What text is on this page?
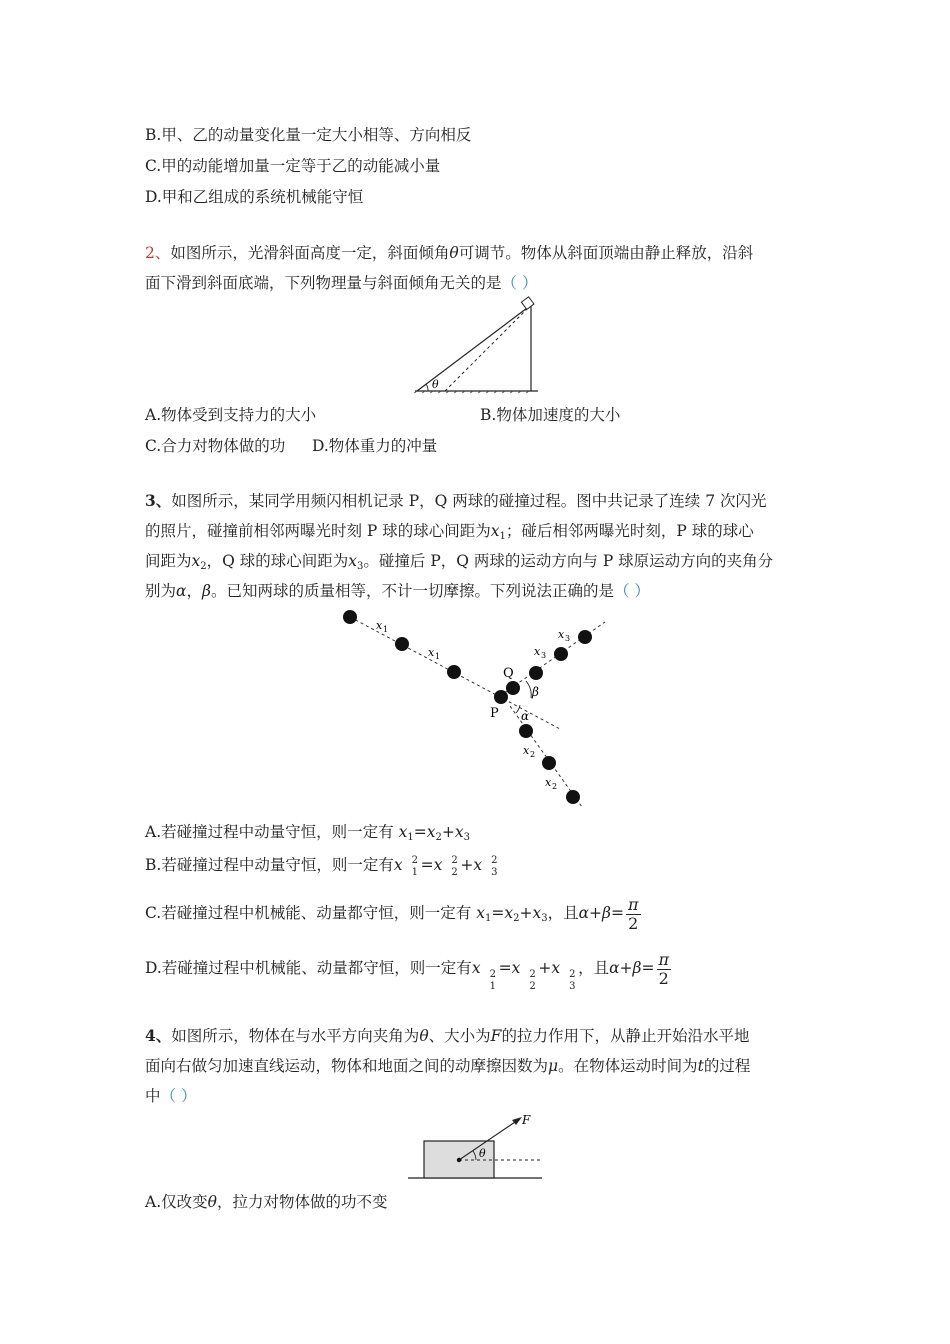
B.甲、乙的动量变化量一定大小相等、方向相反
C.甲的动能增加量一定等于乙的动能减小量
D.甲和乙组成的系统机械能守恒
2、如图所示，光滑斜面高度一定，斜面倾角θ可调节。物体从斜面顶端由静止释放，沿斜
面下滑到斜面底端，下列物理量与斜面倾角无关的是（ ）
θ
A.物体受到支持力的大小	B.物体加速度的大小
C.合力对物体做的功 D.物体重力的冲量
3、如图所示，某同学用频闪相机记录 P，Q 两球的碰撞过程。图中共记录了连续 7 次闪光
的照片，碰撞前相邻两曝光时刻 P 球的球心间距为$x_1$；碰后相邻两曝光时刻，P 球的球心
间距为$x_2$，Q 球的球心间距为$x_3$。碰撞后 P，Q 两球的运动方向与 P 球原运动方向的夹角分
别为α，β。已知两球的质量相等，不计一切摩擦。下列说法正确的是（ ）
x 1
x 1
x 3
x 3
x 2
x 2
Q
P
β
α
A.若碰撞过程中动量守恒，则一定有 $x_1=x_2+x_3$
B.若碰撞过程中动量守恒，则一定有x 2
1 =x 2
2 +x 2
3
C.若碰撞过程中机械能、动量都守恒，则一定有 $x_1=x_2+x_3$，且$\alpha+\beta= \frac{\pi}{2}$
D.若碰撞过程中机械能、动量都守恒，则一定有x 2
1
=x 2
2
+x 2
3
，且$\alpha+\beta= \frac{\pi}{2}$
4、如图所示，物体在与水平方向夹角为θ、大小为F的拉力作用下，从静止开始沿水平地
面向右做匀加速直线运动，物体和地面之间的动摩擦因数为μ。在物体运动时间为t的过程
中（ ）
θ
F
A.仅改变θ，拉力对物体做的功不变
